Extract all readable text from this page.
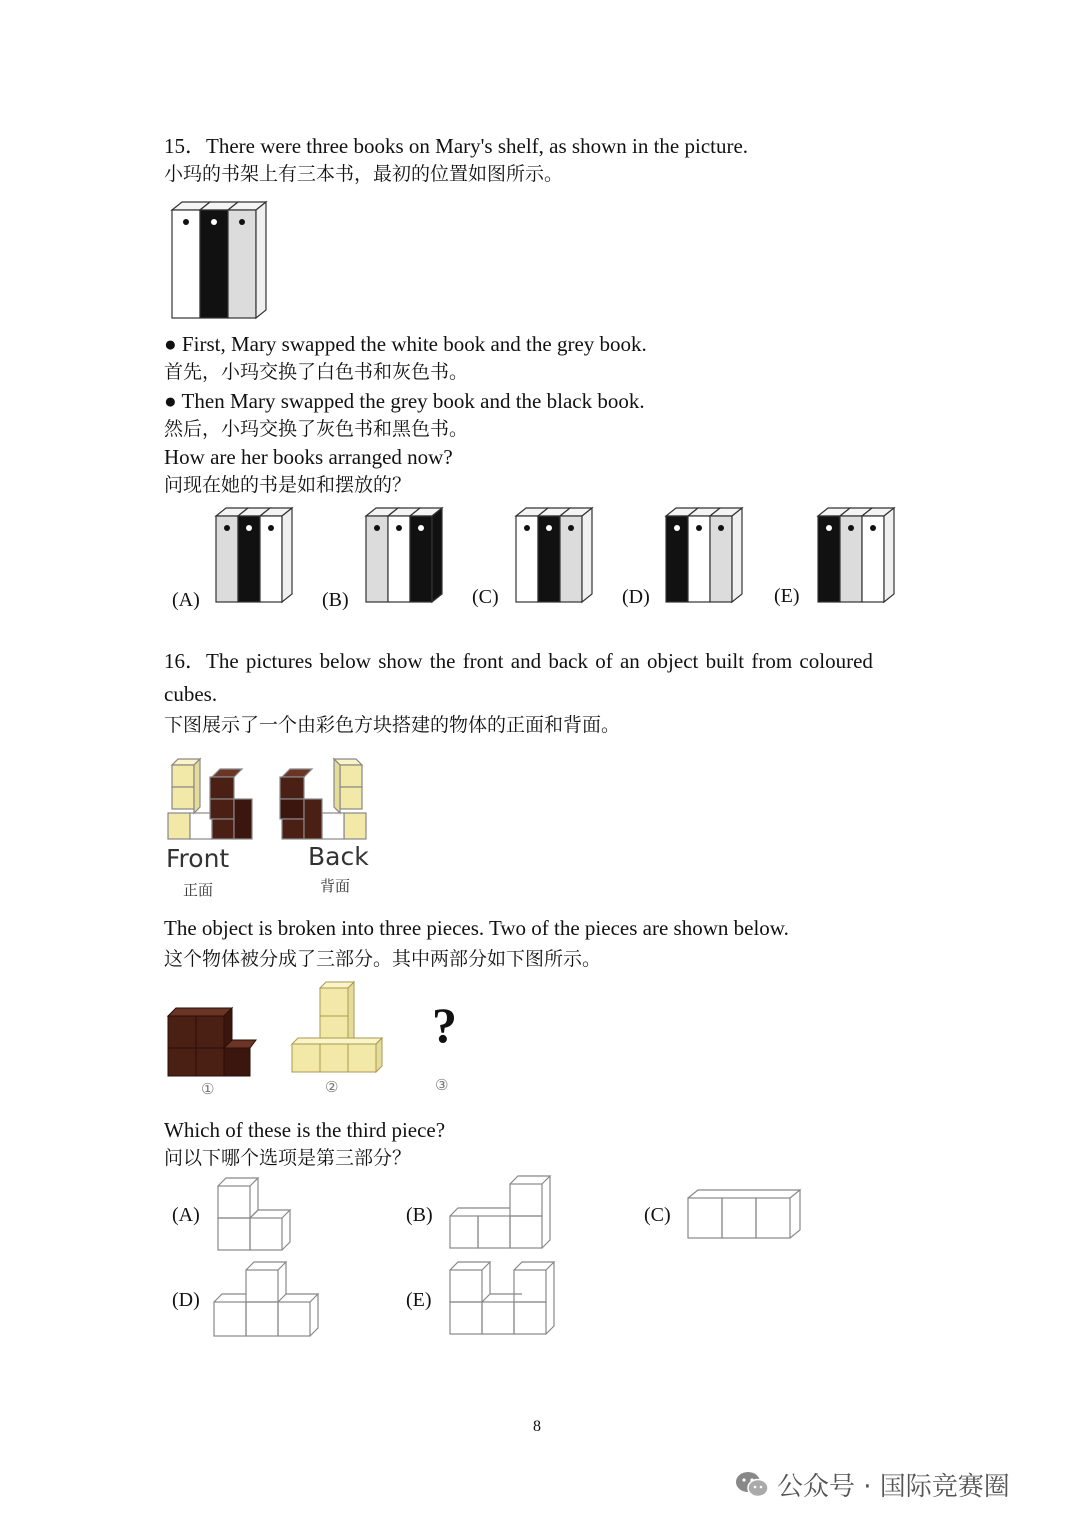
15．There were three books on Mary's shelf, as shown in the picture.
小玛的书架上有三本书，最初的位置如图所示。
● First, Mary swapped the white book and the grey book.
首先，小玛交换了白色书和灰色书。
● Then Mary swapped the grey book and the black book.
然后，小玛交换了灰色书和黑色书。
How are her books arranged now?
问现在她的书是如和摆放的？
(A)	(B)	(C)	(D)	(E)
16．The pictures below show the front and back of an object built from coloured
cubes.
下图展示了一个由彩色方块搭建的物体的正面和背面。
Front
正面
Back
背面
The object is broken into three pieces. Two of the pieces are shown below.
这个物体被分成了三部分。其中两部分如下图所示。
①	②
?
③
Which of these is the third piece?
问以下哪个选项是第三部分？
(A)	(B)	(C)
(D)	(E)
8
公众号 · 国际竞赛圈
